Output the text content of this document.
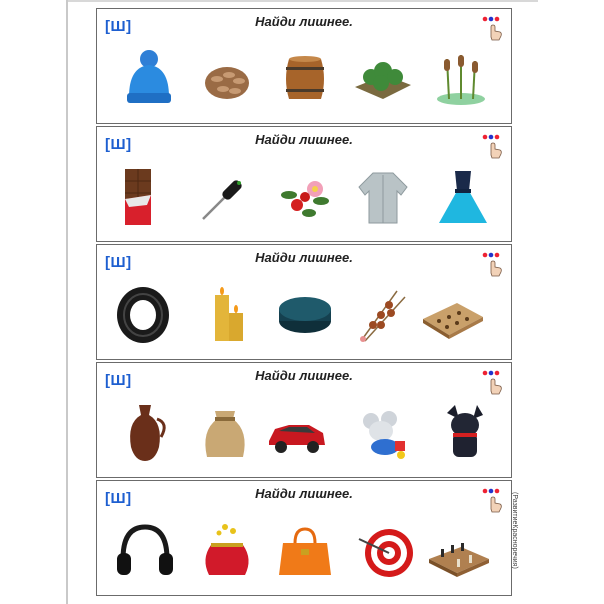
[Ш]	Найди лишнее.
[Ш]	Найди лишнее.
[Ш]	Найди лишнее.
[Ш]	Найди лишнее.
[Ш]	Найди лишнее.	(РазвитиеКрасноречия)
